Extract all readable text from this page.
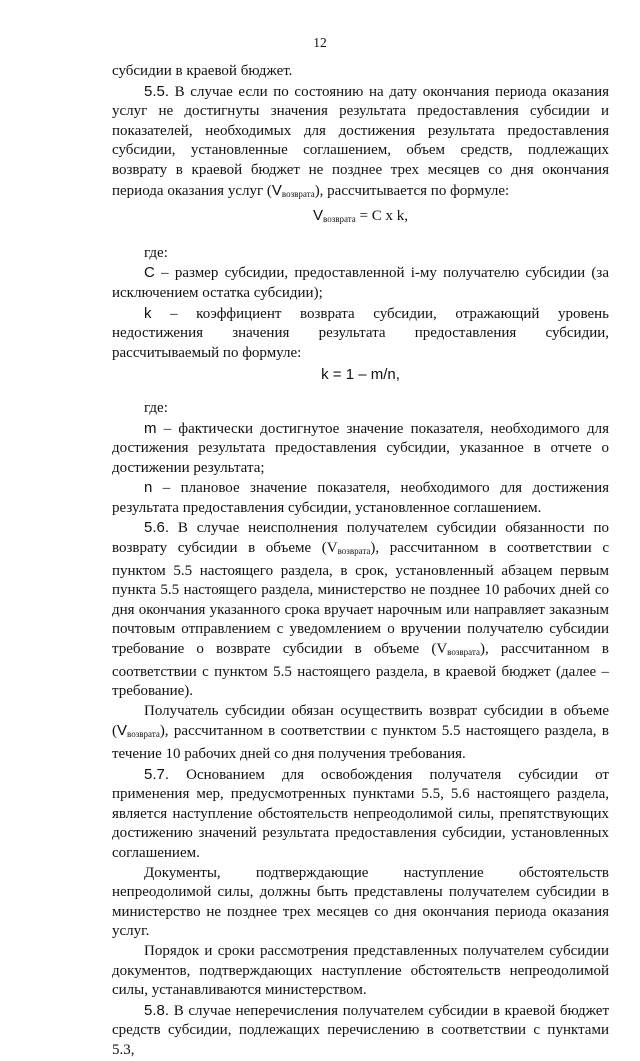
12

субсидии в краевой бюджет.

5.5. В случае если по состоянию на дату окончания периода оказания услуг не достигнуты значения результата предоставления субсидии и показателей, необходимых для достижения результата предоставления субсидии, установленные соглашением, объем средств, подлежащих возврату в краевой бюджет не позднее трех месяцев со дня окончания периода оказания услуг $(V_{возврата})$, рассчитывается по формуле:

$V_{возврата} = C$ x k,

где:

С – размер субсидии, предоставленной i-му получателю субсидии (за исключением остатка субсидии);

k – коэффициент возврата субсидии, отражающий уровень недостижения значения результата предоставления субсидии, рассчитываемый по формуле:

k = 1 – m/n,

где:

m – фактически достигнутое значение показателя, необходимого для достижения результата предоставления субсидии, указанное в отчете о достижении результата;

n – плановое значение показателя, необходимого для достижения результата предоставления субсидии, установленное соглашением.

5.6. В случае неисполнения получателем субсидии обязанности по возврату субсидии в объеме $(V_{возврата})$, рассчитанном в соответствии с пунктом 5.5 настоящего раздела, в срок, установленный абзацем первым пункта 5.5 настоящего раздела, министерство не позднее 10 рабочих дней со дня окончания указанного срока вручает нарочным или направляет заказным почтовым отправлением с уведомлением о вручении получателю субсидии требование о возврате субсидии в объеме $(V_{возврата})$, рассчитанном в соответствии с пунктом 5.5 настоящего раздела, в краевой бюджет (далее – требование).

Получатель субсидии обязан осуществить возврат субсидии в объеме $(V_{возврата})$, рассчитанном в соответствии с пунктом 5.5 настоящего раздела, в течение 10 рабочих дней со дня получения требования.

5.7. Основанием для освобождения получателя субсидии от применения мер, предусмотренных пунктами 5.5, 5.6 настоящего раздела, является наступление обстоятельств непреодолимой силы, препятствующих достижению значений результата предоставления субсидии, установленных соглашением.

Документы, подтверждающие наступление обстоятельств непреодолимой силы, должны быть представлены получателем субсидии в министерство не позднее трех месяцев со дня окончания периода оказания услуг.

Порядок и сроки рассмотрения представленных получателем субсидии документов, подтверждающих наступление обстоятельств непреодолимой силы, устанавливаются министерством.

5.8. В случае неперечисления получателем субсидии в краевой бюджет средств субсидии, подлежащих перечислению в соответствии с пунктами 5.3,
